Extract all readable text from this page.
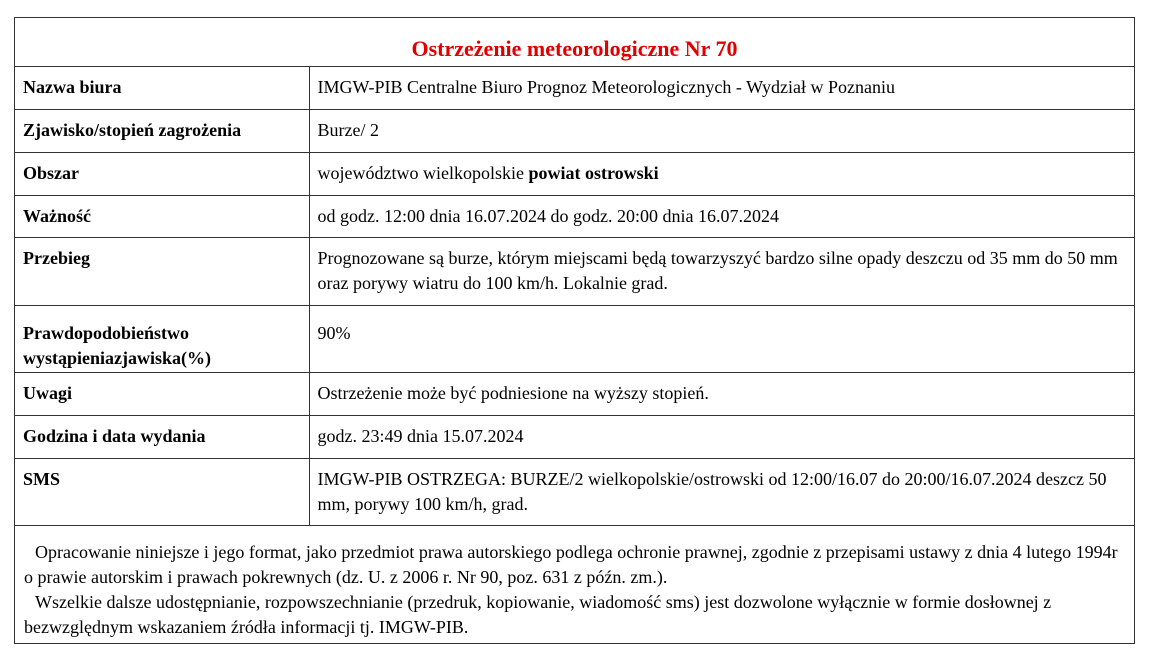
Ostrzeżenie meteorologiczne Nr 70
Nazwa biura	IMGW-PIB Centralne Biuro Prognoz Meteorologicznych - Wydział w Poznaniu
Zjawisko/stopień zagrożenia	Burze/ 2
Obszar	województwo wielkopolskie powiat ostrowski
Ważność	od godz. 12:00 dnia 16.07.2024 do godz. 20:00 dnia 16.07.2024
Przebieg	Prognozowane są burze, którym miejscami będą towarzyszyć bardzo silne opady deszczu od 35 mm do 50 mm oraz porywy wiatru do 100 km/h. Lokalnie grad.
Prawdopodobieństwo wystąpieniazjawiska(%)	90%
Uwagi	Ostrzeżenie może być podniesione na wyższy stopień.
Godzina i data wydania	godz. 23:49 dnia 15.07.2024
SMS	IMGW-PIB OSTRZEGA: BURZE/2 wielkopolskie/ostrowski od 12:00/16.07 do 20:00/16.07.2024 deszcz 50 mm, porywy 100 km/h, grad.

Opracowanie niniejsze i jego format, jako przedmiot prawa autorskiego podlega ochronie prawnej, zgodnie z przepisami ustawy z dnia 4 lutego 1994r o prawie autorskim i prawach pokrewnych (dz. U. z 2006 r. Nr 90, poz. 631 z późn. zm.).

Wszelkie dalsze udostępnianie, rozpowszechnianie (przedruk, kopiowanie, wiadomość sms) jest dozwolone wyłącznie w formie dosłownej z bezwzględnym wskazaniem źródła informacji tj. IMGW-PIB.
